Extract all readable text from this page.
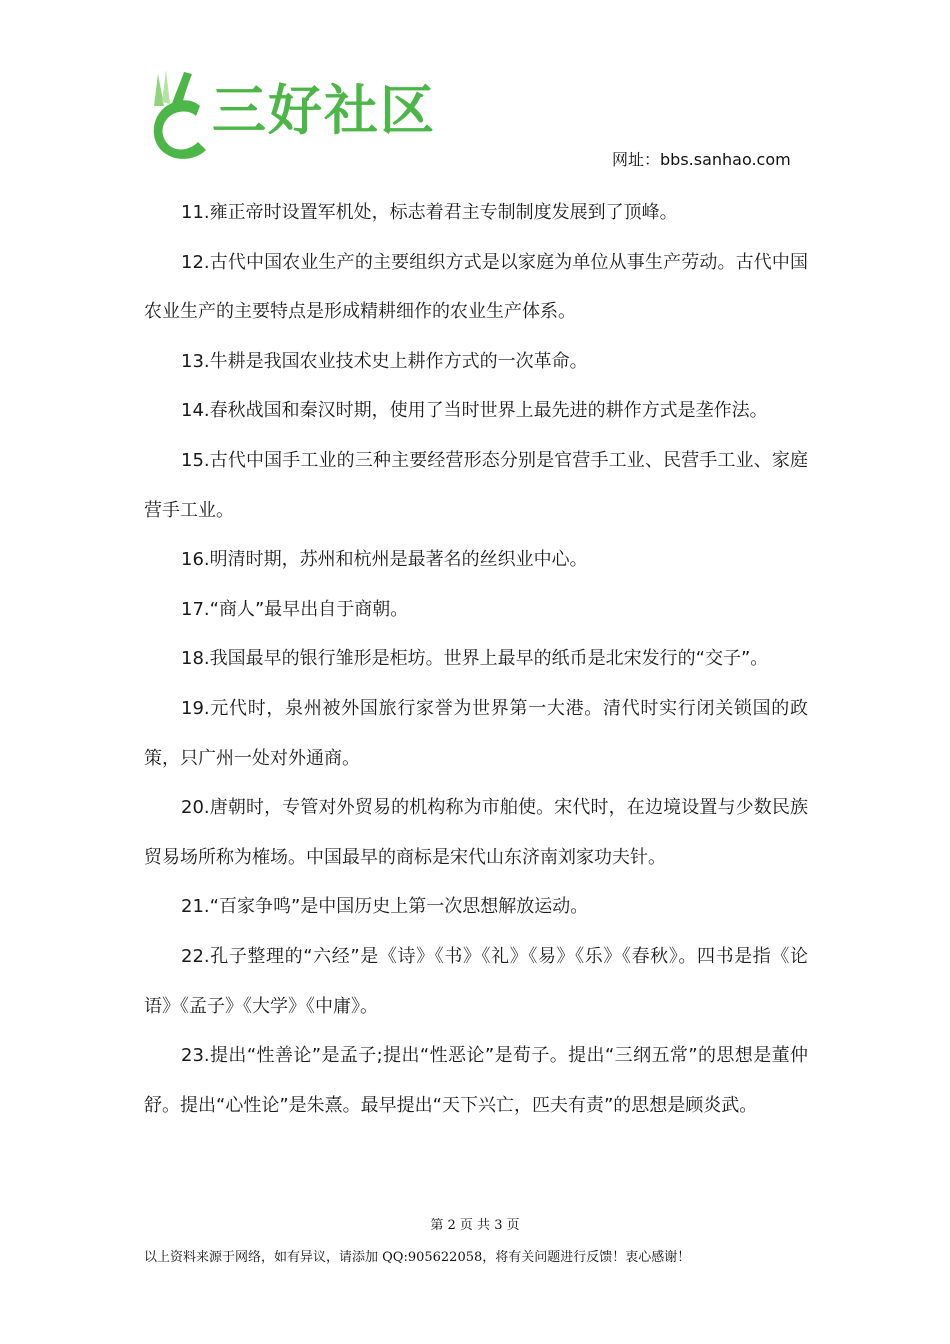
三好社区
网址：bbs.sanhao.com

11.雍正帝时设置军机处，标志着君主专制制度发展到了顶峰。

12.古代中国农业生产的主要组织方式是以家庭为单位从事生产劳动。古代中国农业生产的主要特点是形成精耕细作的农业生产体系。

13.牛耕是我国农业技术史上耕作方式的一次革命。

14.春秋战国和秦汉时期，使用了当时世界上最先进的耕作方式是垄作法。

15.古代中国手工业的三种主要经营形态分别是官营手工业、民营手工业、家庭营手工业。

16.明清时期，苏州和杭州是最著名的丝织业中心。

17.“商人”最早出自于商朝。

18.我国最早的银行雏形是柜坊。世界上最早的纸币是北宋发行的“交子”。

19.元代时，泉州被外国旅行家誉为世界第一大港。清代时实行闭关锁国的政策，只广州一处对外通商。

20.唐朝时，专管对外贸易的机构称为市舶使。宋代时，在边境设置与少数民族贸易场所称为榷场。中国最早的商标是宋代山东济南刘家功夫针。

21.“百家争鸣”是中国历史上第一次思想解放运动。

22.孔子整理的“六经”是《诗》《书》《礼》《易》《乐》《春秋》。四书是指《论语》《孟子》《大学》《中庸》。

23.提出“性善论”是孟子;提出“性恶论”是荀子。提出“三纲五常”的思想是董仲舒。提出“心性论”是朱熹。最早提出“天下兴亡，匹夫有责”的思想是顾炎武。

第 2 页 共 3 页
以上资料来源于网络，如有异议，请添加 QQ:905622058，将有关问题进行反馈！衷心感谢！
